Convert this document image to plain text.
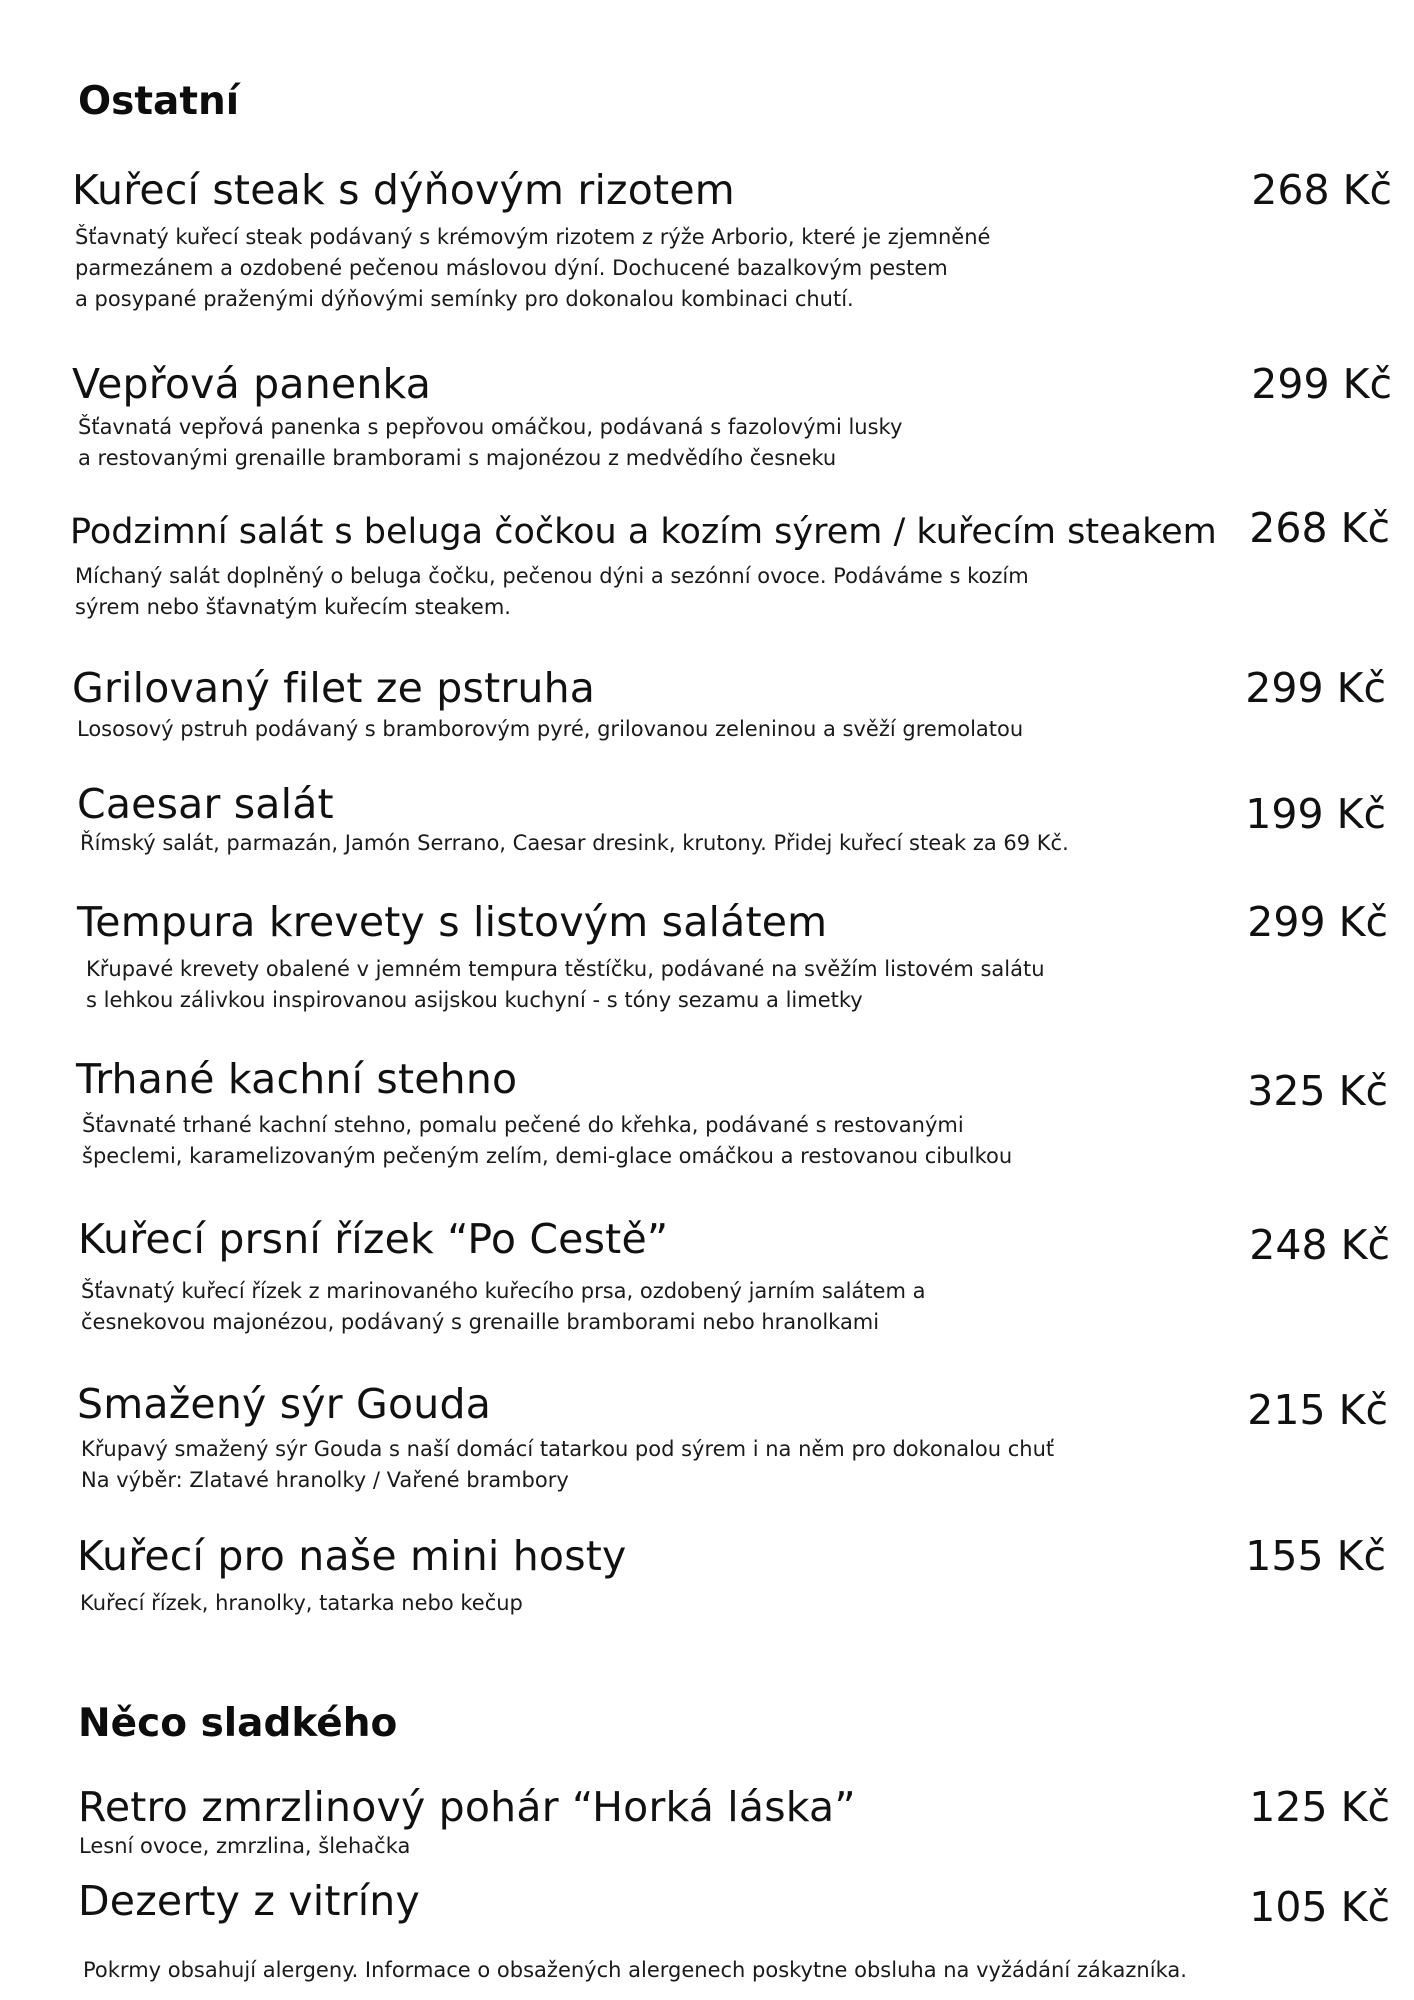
Ostatní
Kuřecí steak s dýňovým rizotem	268 Kč

Šťavnatý kuřecí steak podávaný s krémovým rizotem z rýže Arborio, které je zjemněné
parmezánem a ozdobené pečenou máslovou dýní. Dochucené bazalkovým pestem
a posypané praženými dýňovými semínky pro dokonalou kombinaci chutí.

Vepřová panenka	299 Kč

Šťavnatá vepřová panenka s pepřovou omáčkou, podávaná s fazolovými lusky
a restovanými grenaille bramborami s majonézou z medvědího česneku

Podzimní salát s beluga čočkou a kozím sýrem / kuřecím steakem 268 Kč

Míchaný salát doplněný o beluga čočku, pečenou dýni a sezónní ovoce. Podáváme s kozím
sýrem nebo šťavnatým kuřecím steakem.

Grilovaný filet ze pstruha	299 Kč

Lososový pstruh podávaný s bramborovým pyré, grilovanou zeleninou a svěží gremolatou

Caesar salát	199 Kč

Římský salát, parmazán, Jamón Serrano, Caesar dresink, krutony. Přidej kuřecí steak za 69 Kč.

Tempura krevety s listovým salátem	299 Kč

Křupavé krevety obalené v jemném tempura těstíčku, podávané na svěžím listovém salátu
s lehkou zálivkou inspirovanou asijskou kuchyní - s tóny sezamu a limetky

Trhané kachní stehno	325 Kč

Šťavnaté trhané kachní stehno, pomalu pečené do křehka, podávané s restovanými
špeclemi, karamelizovaným pečeným zelím, demi-glace omáčkou a restovanou cibulkou

Kuřecí prsní řízek “Po Cestě”	248 Kč

Šťavnatý kuřecí řízek z marinovaného kuřecího prsa, ozdobený jarním salátem a
česnekovou majonézou, podávaný s grenaille bramborami nebo hranolkami

Smažený sýr Gouda	215 Kč

Křupavý smažený sýr Gouda s naší domácí tatarkou pod sýrem i na něm pro dokonalou chuť
Na výběr: Zlatavé hranolky / Vařené brambory

Kuřecí pro naše mini hosty	155 Kč

Kuřecí řízek, hranolky, tatarka nebo kečup

Něco sladkého
Retro zmrzlinový pohár “Horká láska”	125 Kč

Lesní ovoce, zmrzlina, šlehačka

Dezerty z vitríny	105 Kč

Pokrmy obsahují alergeny. Informace o obsažených alergenech poskytne obsluha na vyžádání zákazníka.
